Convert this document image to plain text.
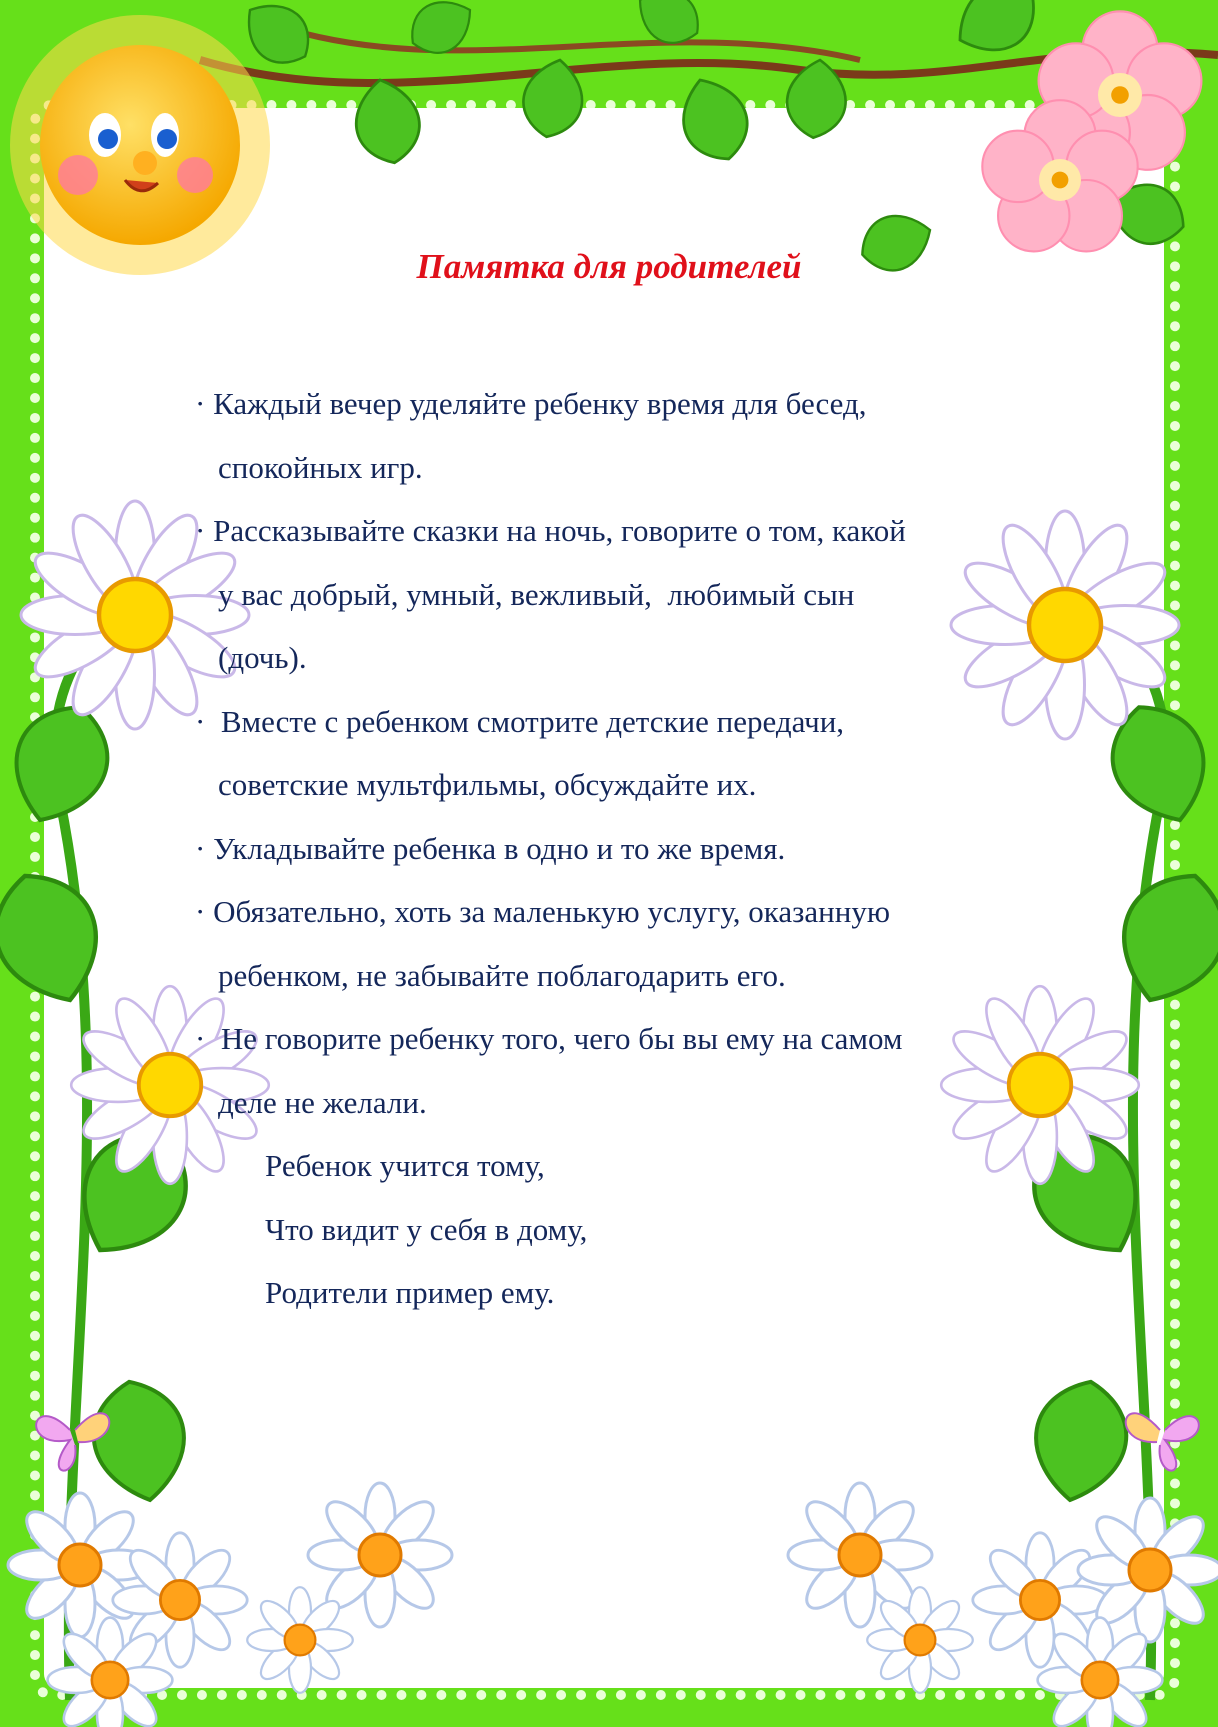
Памятка для родителей
· Каждый вечер уделяйте ребенку время для бесед,
спокойных игр.
· Рассказывайте сказки на ночь, говорите о том, какой
у вас добрый, умный, вежливый,  любимый сын
(дочь).
·  Вместе с ребенком смотрите детские передачи,
советские мультфильмы, обсуждайте их.
· Укладывайте ребенка в одно и то же время.
· Обязательно, хоть за маленькую услугу, оказанную
ребенком, не забывайте поблагодарить его.
·  Не говорите ребенку того, чего бы вы ему на самом
деле не желали.
Ребенок учится тому,
Что видит у себя в дому,
Родители пример ему.
